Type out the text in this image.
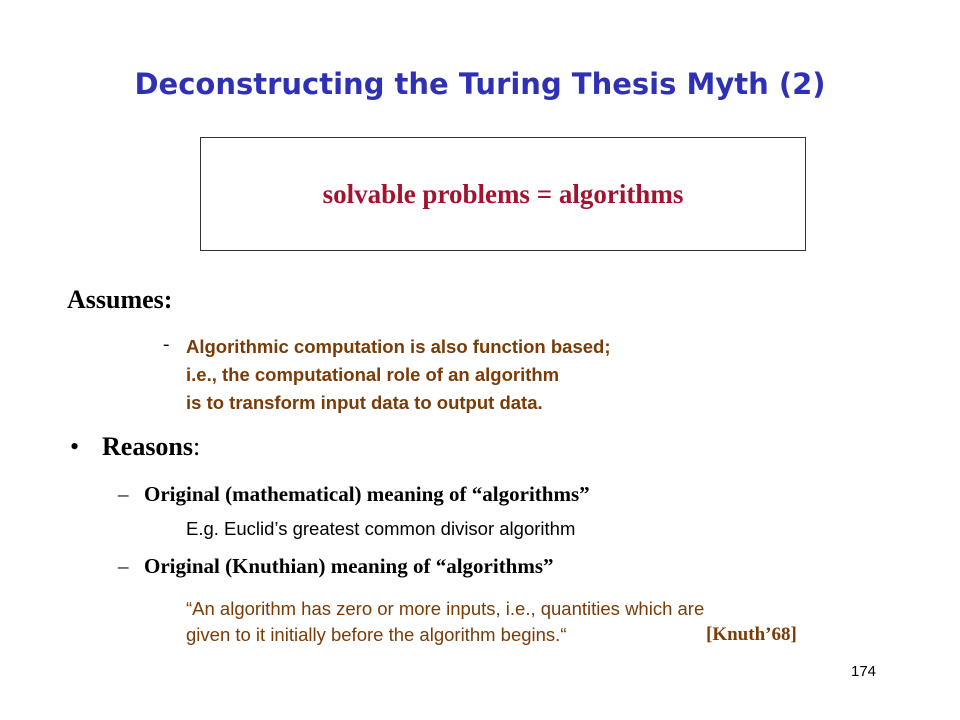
Deconstructing the Turing Thesis Myth (2)
solvable problems = algorithms
Assumes:
- Algorithmic computation is also function based;
i.e., the computational role of an algorithm
is to transform input data to output data.
• Reasons:
– Original (mathematical) meaning of “algorithms”
E.g. Euclid’s greatest common divisor algorithm
– Original (Knuthian) meaning of “algorithms”
“An algorithm has zero or more inputs, i.e., quantities which are
given to it initially before the algorithm begins.“	[Knuth’68]
174
